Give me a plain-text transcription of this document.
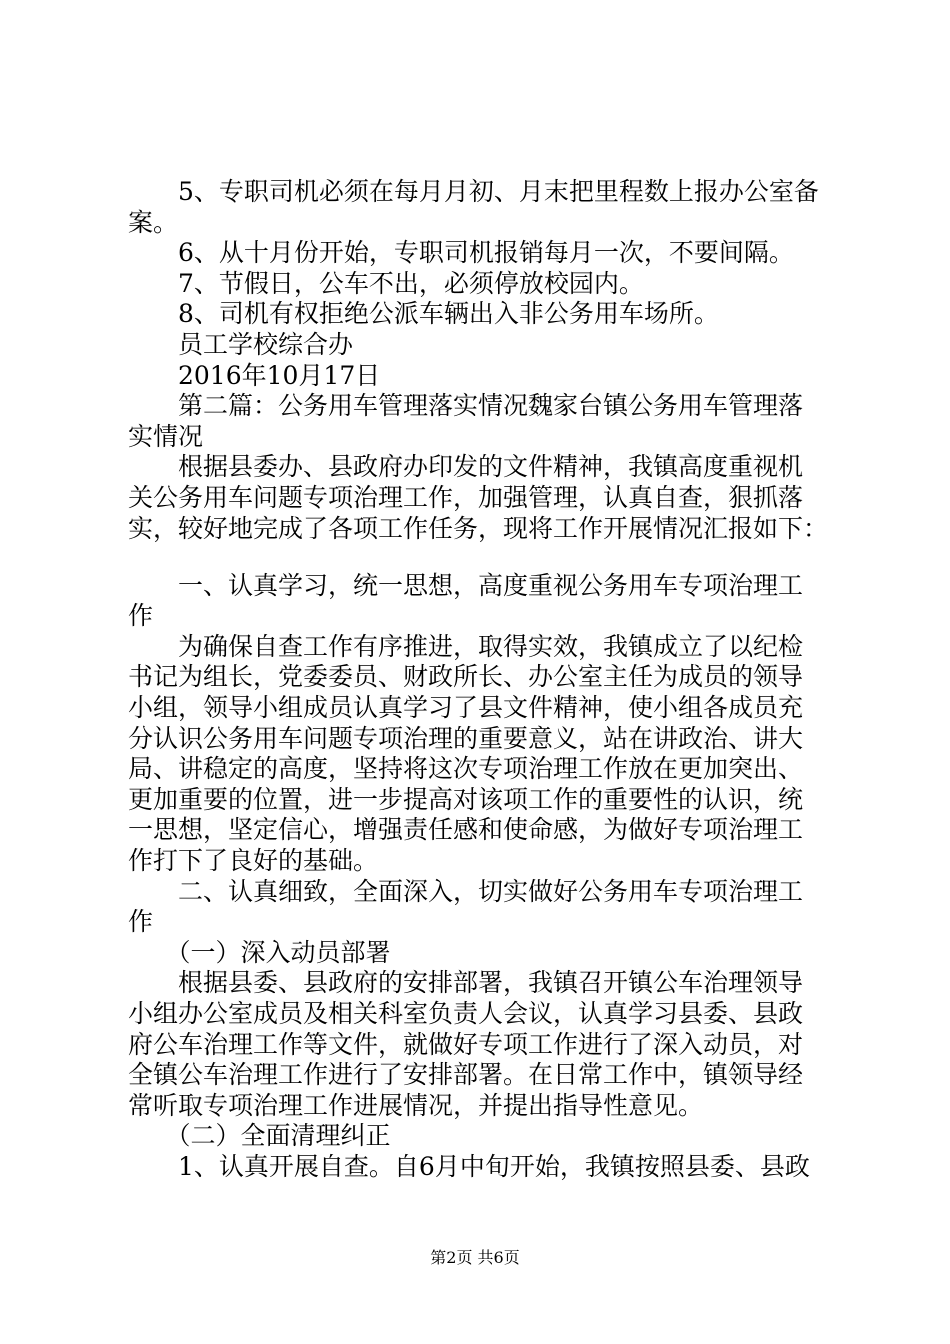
　　5、专职司机必须在每月月初、月末把里程数上报办公室备
案。
　　6、从十月份开始，专职司机报销每月一次，不要间隔。
　　7、节假日，公车不出，必须停放校园内。
　　8、司机有权拒绝公派车辆出入非公务用车场所。
　　员工学校综合办
　　2016年10月17日
　　第二篇：公务用车管理落实情况魏家台镇公务用车管理落
实情况
　　根据县委办、县政府办印发的文件精神，我镇高度重视机
关公务用车问题专项治理工作，加强管理，认真自查，狠抓落
实，较好地完成了各项工作任务，现将工作开展情况汇报如下：
　　一、认真学习，统一思想，高度重视公务用车专项治理工
作
　　为确保自查工作有序推进，取得实效，我镇成立了以纪检
书记为组长，党委委员、财政所长、办公室主任为成员的领导
小组，领导小组成员认真学习了县文件精神，使小组各成员充
分认识公务用车问题专项治理的重要意义，站在讲政治、讲大
局、讲稳定的高度，坚持将这次专项治理工作放在更加突出、
更加重要的位置，进一步提高对该项工作的重要性的认识，统
一思想，坚定信心，增强责任感和使命感，为做好专项治理工
作打下了良好的基础。
　　二、认真细致，全面深入，切实做好公务用车专项治理工
作
　　（一）深入动员部署
　　根据县委、县政府的安排部署，我镇召开镇公车治理领导
小组办公室成员及相关科室负责人会议，认真学习县委、县政
府公车治理工作等文件，就做好专项工作进行了深入动员，对
全镇公车治理工作进行了安排部署。在日常工作中，镇领导经
常听取专项治理工作进展情况，并提出指导性意见。
　　（二）全面清理纠正
　　1、认真开展自查。自6月中旬开始，我镇按照县委、县政
第2页 共6页
